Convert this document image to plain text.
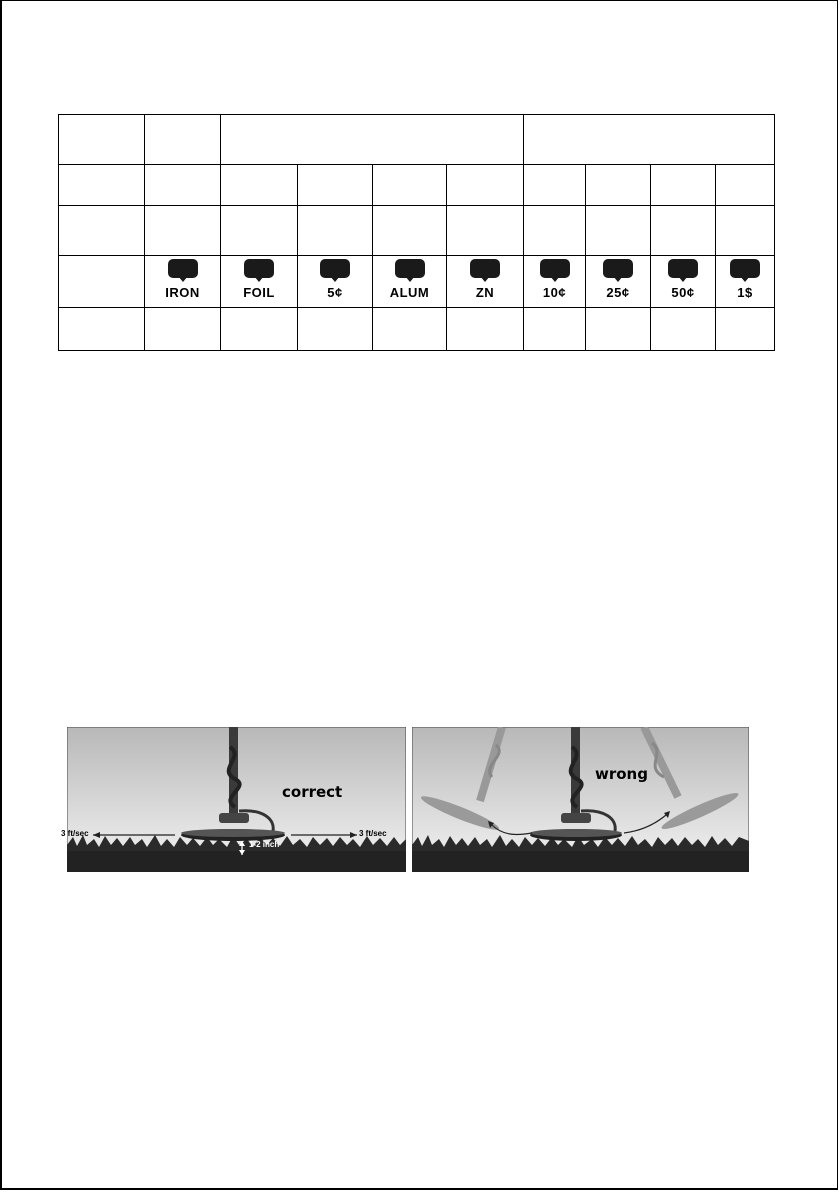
IRON	FOIL	5¢	ALUM	ZN	10¢	25¢	50¢	1$
correct
3 ft/sec	3 ft/sec
1-2 inch
wrong
